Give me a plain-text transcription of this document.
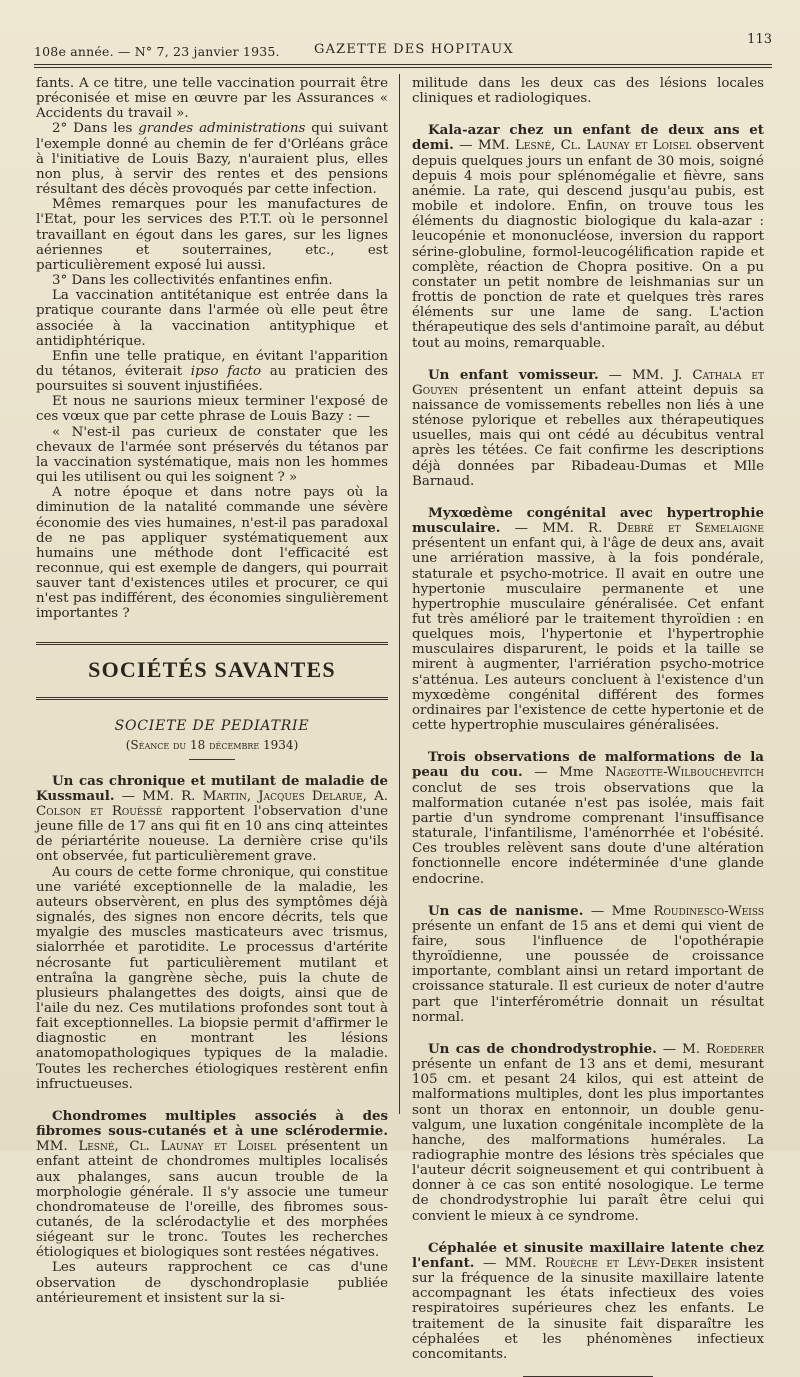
108e année. — N° 7, 23 janvier 1935.	GAZETTE DES HOPITAUX
113

fants. A ce titre, une telle vaccination pourrait être préconisée et mise en œuvre par les Assurances « Accidents du travail ».

2° Dans les grandes administrations qui suivant l'exemple donné au chemin de fer d'Orléans grâce à l'initiative de Louis Bazy, n'auraient plus, elles non plus, à servir des rentes et des pensions résultant des décès provoqués par cette infection.

Mêmes remarques pour les manufactures de l'Etat, pour les services des P.T.T. où le personnel travaillant en égout dans les gares, sur les lignes aériennes et souterraines, etc., est particulièrement exposé lui aussi.

3° Dans les collectivités enfantines enfin.

La vaccination antitétanique est entrée dans la pratique courante dans l'armée où elle peut être associée à la vaccination antityphique et antidiphtérique.

Enfin une telle pratique, en évitant l'apparition du tétanos, éviterait ipso facto au praticien des poursuites si souvent injustifiées.

Et nous ne saurions mieux terminer l'exposé de ces vœux que par cette phrase de Louis Bazy : —

« N'est-il pas curieux de constater que les chevaux de l'armée sont préservés du tétanos par la vaccination systématique, mais non les hommes qui les utilisent ou qui les soignent ? »

A notre époque et dans notre pays où la diminution de la natalité commande une sévère économie des vies humaines, n'est-il pas paradoxal de ne pas appliquer systématiquement aux humains une méthode dont l'efficacité est reconnue, qui est exemple de dangers, qui pourrait sauver tant d'existences utiles et procurer, ce qui n'est pas indifférent, des économies singulièrement importantes ?

SOCIÉTÉS SAVANTES
SOCIETE DE PEDIATRIE
(Séance du 18 décembre 1934)

Un cas chronique et mutilant de maladie de Kussmaul. — MM. R. Martin, Jacques Delarue, A. Colson et Rouèssé rapportent l'observation d'une jeune fille de 17 ans qui fit en 10 ans cinq atteintes de périartérite noueuse. La dernière crise qu'ils ont observée, fut particulièrement grave.

Au cours de cette forme chronique, qui constitue une variété exceptionnelle de la maladie, les auteurs observèrent, en plus des symptômes déjà signalés, des signes non encore décrits, tels que myalgie des muscles masticateurs avec trismus, sialorrhée et parotidite. Le processus d'artérite nécrosante fut particulièrement mutilant et entraîna la gangrène sèche, puis la chute de plusieurs phalangettes des doigts, ainsi que de l'aile du nez. Ces mutilations profondes sont tout à fait exceptionnelles. La biopsie permit d'affirmer le diagnostic en montrant les lésions anatomopathologiques typiques de la maladie. Toutes les recherches étiologiques restèrent enfin infructueuses.

Chondromes multiples associés à des fibromes sous-cutanés et à une sclérodermie. MM. Lesné, Cl. Launay et Loisel présentent un enfant atteint de chondromes multiples localisés aux phalanges, sans aucun trouble de la morphologie générale. Il s'y associe une tumeur chondromateuse de l'oreille, des fibromes sous-cutanés, de la sclérodactylie et des morphées siégeant sur le tronc. Toutes les recherches étiologiques et biologiques sont restées négatives.

Les auteurs rapprochent ce cas d'une observation de dyschondroplasie publiée antérieurement et insistent sur la si-

militude dans les deux cas des lésions locales cliniques et radiologiques.

Kala-azar chez un enfant de deux ans et demi. — MM. Lesné, Cl. Launay et Loisel observent depuis quelques jours un enfant de 30 mois, soigné depuis 4 mois pour splénomégalie et fièvre, sans anémie. La rate, qui descend jusqu'au pubis, est mobile et indolore. Enfin, on trouve tous les éléments du diagnostic biologique du kala-azar : leucopénie et mononucléose, inversion du rapport sérine-globuline, formol-leucogélification rapide et complète, réaction de Chopra positive. On a pu constater un petit nombre de leishmanias sur un frottis de ponction de rate et quelques très rares éléments sur une lame de sang. L'action thérapeutique des sels d'antimoine paraît, au début tout au moins, remarquable.

Un enfant vomisseur. — MM. J. Cathala et Gouyen présentent un enfant atteint depuis sa naissance de vomissements rebelles non liés à une sténose pylorique et rebelles aux thérapeutiques usuelles, mais qui ont cédé au décubitus ventral après les tétées. Ce fait confirme les descriptions déjà données par Ribadeau-Dumas et Mlle Barnaud.

Myxœdème congénital avec hypertrophie musculaire. — MM. R. Debré et Semelaigne présentent un enfant qui, à l'âge de deux ans, avait une arriération massive, à la fois pondérale, staturale et psycho-motrice. Il avait en outre une hypertonie musculaire permanente et une hypertrophie musculaire généralisée. Cet enfant fut très amélioré par le traitement thyroïdien : en quelques mois, l'hypertonie et l'hypertrophie musculaires disparurent, le poids et la taille se mirent à augmenter, l'arriération psycho-motrice s'atténua. Les auteurs concluent à l'existence d'un myxœdème congénital différent des formes ordinaires par l'existence de cette hypertonie et de cette hypertrophie musculaires généralisées.

Trois observations de malformations de la peau du cou. — Mme Nageotte-Wilbouchevitch conclut de ses trois observations que la malformation cutanée n'est pas isolée, mais fait partie d'un syndrome comprenant l'insuffisance staturale, l'infantilisme, l'aménorrhée et l'obésité. Ces troubles relèvent sans doute d'une altération fonctionnelle encore indéterminée d'une glande endocrine.

Un cas de nanisme. — Mme Roudinesco-Weiss présente un enfant de 15 ans et demi qui vient de faire, sous l'influence de l'opothérapie thyroïdienne, une poussée de croissance importante, comblant ainsi un retard important de croissance staturale. Il est curieux de noter d'autre part que l'interférométrie donnait un résultat normal.

Un cas de chondrodystrophie. — M. Roederer présente un enfant de 13 ans et demi, mesurant 105 cm. et pesant 24 kilos, qui est atteint de malformations multiples, dont les plus importantes sont un thorax en entonnoir, un double genu-valgum, une luxation congénitale incomplète de la hanche, des malformations humérales. La radiographie montre des lésions très spéciales que l'auteur décrit soigneusement et qui contribuent à donner à ce cas son entité nosologique. Le terme de chondrodystrophie lui paraît être celui qui convient le mieux à ce syndrome.

Céphalée et sinusite maxillaire latente chez l'enfant. — MM. Rouèche et Lévy-Deker insistent sur la fréquence de la sinusite maxillaire latente accompagnant les états infectieux des voies respiratoires supérieures chez les enfants. Le traitement de la sinusite fait disparaître les céphalées et les phénomènes infectieux concomitants.
